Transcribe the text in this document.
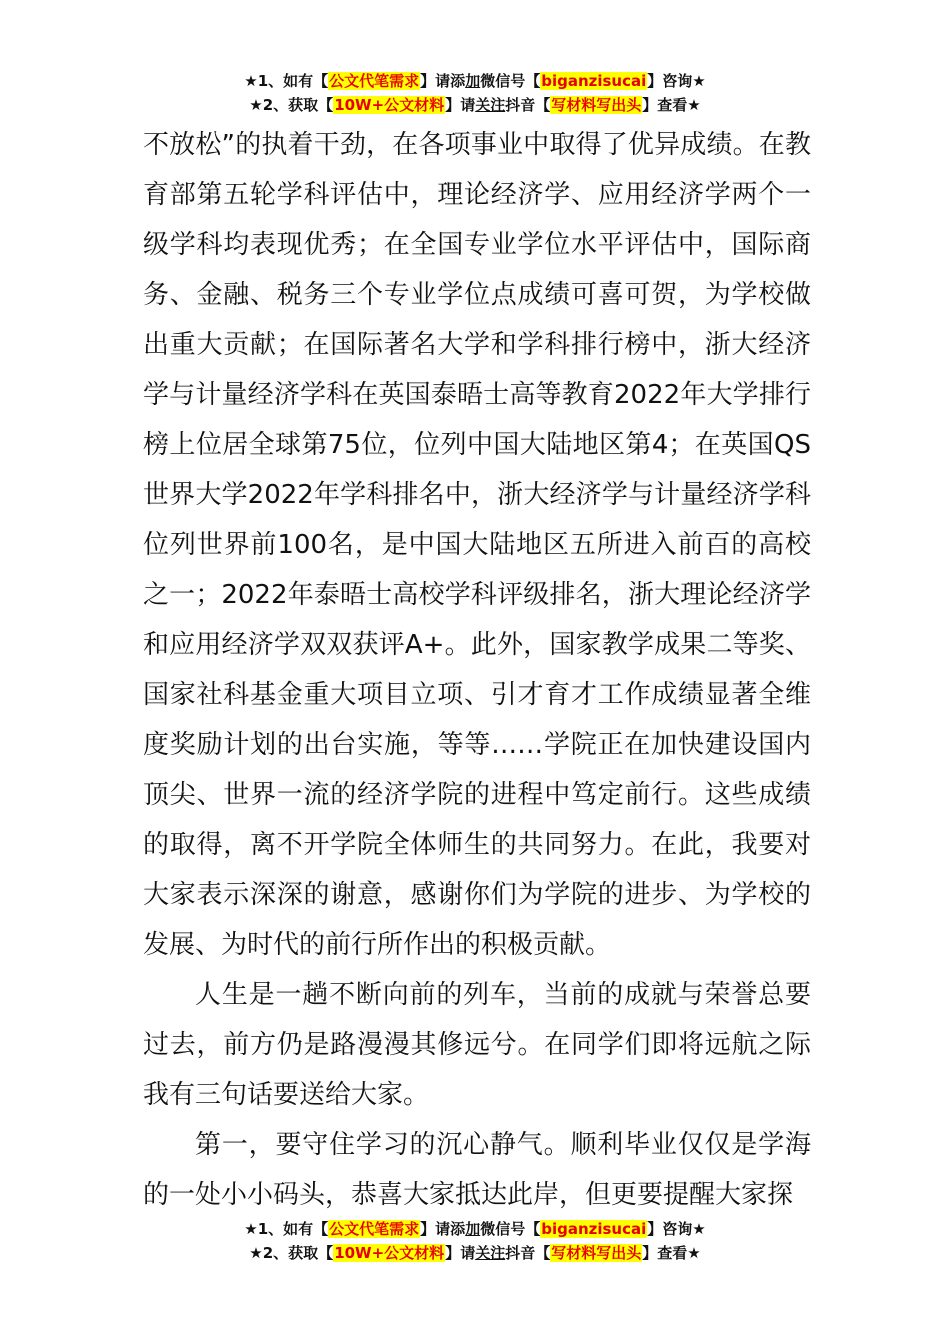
★1、如有【公文代笔需求】请添加微信号【biganzisucai】咨询★
★2、获取【10W+公文材料】请关注抖音【写材料写出头】查看★

不放松”的执着干劲，在各项事业中取得了优异成绩。在教育部第五轮学科评估中，理论经济学、应用经济学两个一级学科均表现优秀；在全国专业学位水平评估中，国际商务、金融、税务三个专业学位点成绩可喜可贺，为学校做出重大贡献；在国际著名大学和学科排行榜中，浙大经济学与计量经济学科在英国泰晤士高等教育2022年大学排行榜上位居全球第75位，位列中国大陆地区第4；在英国QS世界大学2022年学科排名中，浙大经济学与计量经济学科位列世界前100名，是中国大陆地区五所进入前百的高校之一；2022年泰晤士高校学科评级排名，浙大理论经济学和应用经济学双双获评A+。此外，国家教学成果二等奖、国家社科基金重大项目立项、引才育才工作成绩显著全维度奖励计划的出台实施，等等……学院正在加快建设国内顶尖、世界一流的经济学院的进程中笃定前行。这些成绩的取得，离不开学院全体师生的共同努力。在此，我要对大家表示深深的谢意，感谢你们为学院的进步、为学校的发展、为时代的前行所作出的积极贡献。

人生是一趟不断向前的列车，当前的成就与荣誉总要过去，前方仍是路漫漫其修远兮。在同学们即将远航之际我有三句话要送给大家。

第一，要守住学习的沉心静气。顺利毕业仅仅是学海的一处小小码头，恭喜大家抵达此岸，但更要提醒大家探

★1、如有【公文代笔需求】请添加微信号【biganzisucai】咨询★
★2、获取【10W+公文材料】请关注抖音【写材料写出头】查看★
